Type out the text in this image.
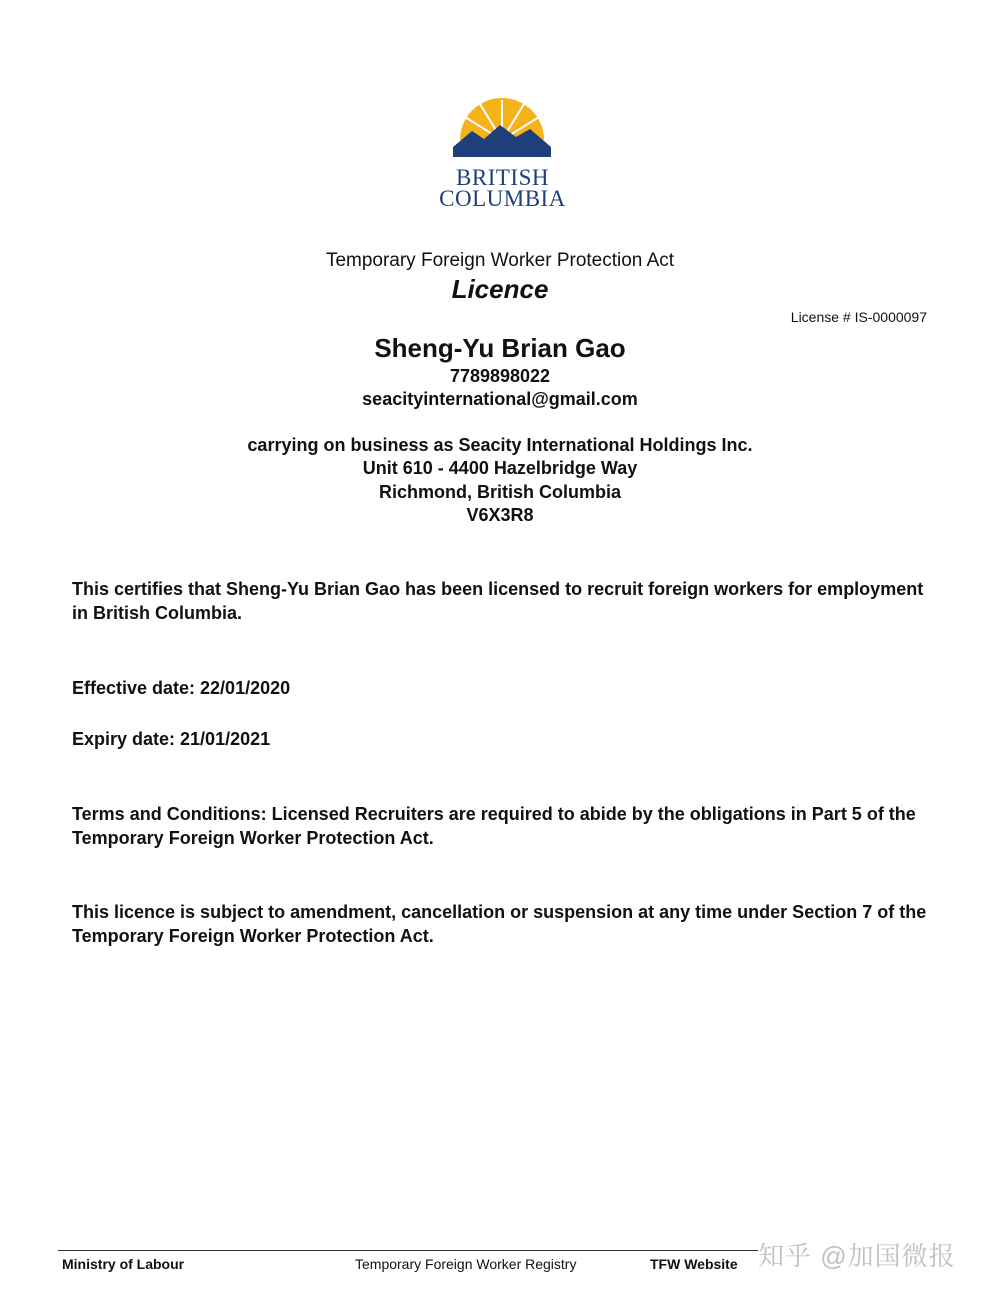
BRITISH
COLUMBIA
Temporary Foreign Worker Protection Act
Licence
License # IS-0000097
Sheng-Yu Brian Gao
7789898022
seacityinternational@gmail.com
carrying on business as Seacity International Holdings Inc.
Unit 610 - 4400 Hazelbridge Way
Richmond, British Columbia
V6X3R8
This certifies that Sheng-Yu Brian Gao has been licensed to recruit foreign workers for employment in British Columbia.
Effective date: 22/01/2020
Expiry date: 21/01/2021
Terms and Conditions: Licensed Recruiters are required to abide by the obligations in Part 5 of the Temporary Foreign Worker Protection Act.
This licence is subject to amendment, cancellation or suspension at any time under Section 7 of the Temporary Foreign Worker Protection Act.
Ministry of Labour	Temporary Foreign Worker Registry	TFW Website 知乎 @加国微报
